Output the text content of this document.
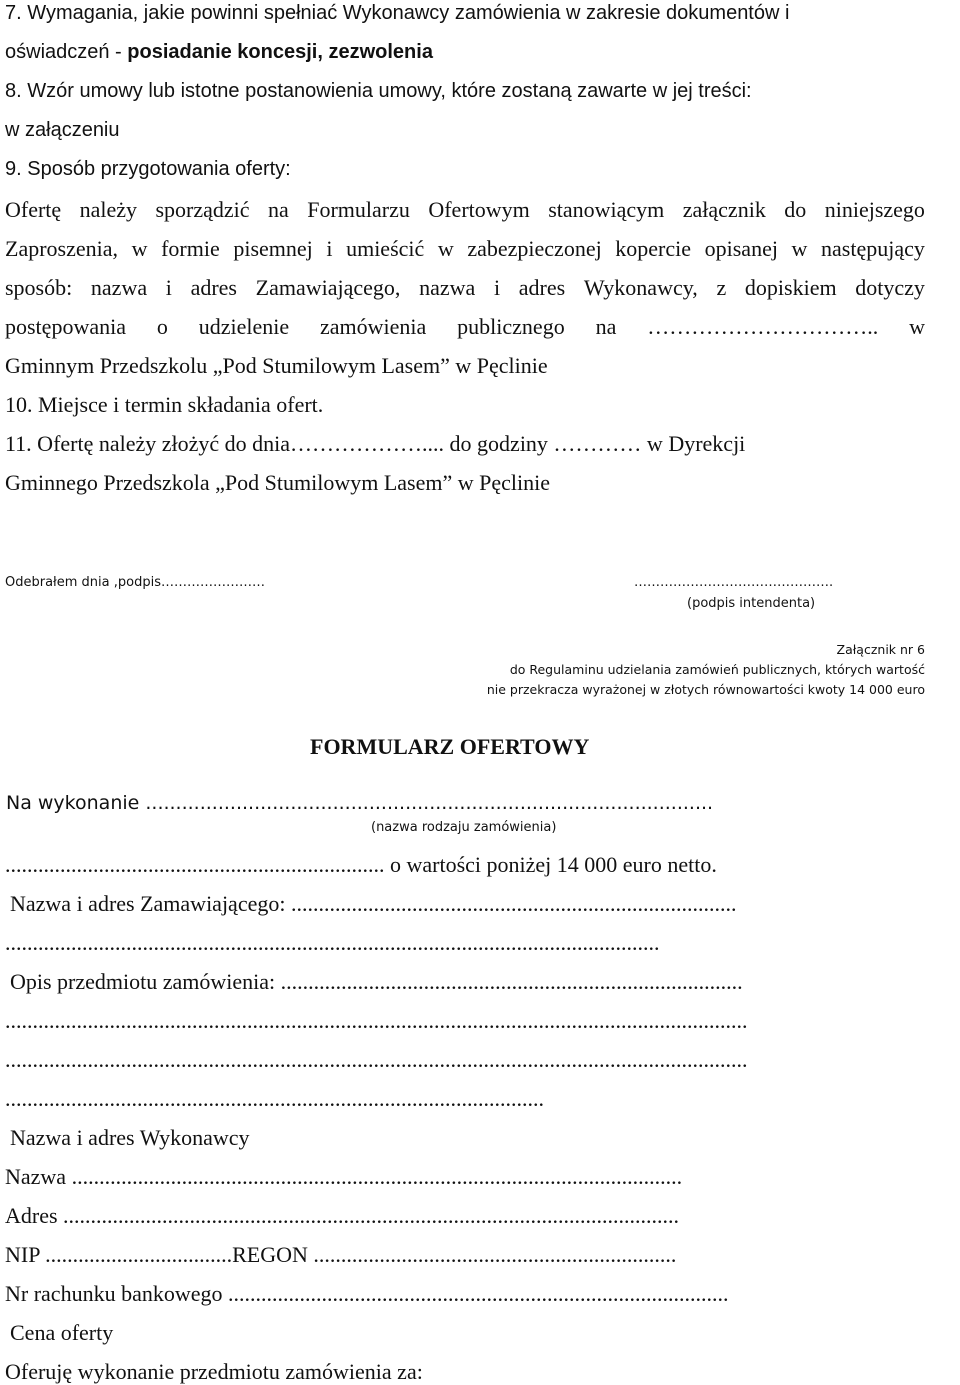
7. Wymagania, jakie powinni spełniać Wykonawcy zamówienia w zakresie dokumentów i
oświadczeń - posiadanie koncesji, zezwolenia
8. Wzór umowy lub istotne postanowienia umowy, które zostaną zawarte w jej treści:
w załączeniu
9. Sposób przygotowania oferty:
Ofertę należy sporządzić na Formularzu Ofertowym stanowiącym załącznik do niniejszego
Zaproszenia, w formie pisemnej i umieścić w zabezpieczonej kopercie opisanej w następujący
sposób: nazwa i adres Zamawiającego, nazwa i adres Wykonawcy, z dopiskiem dotyczy
postępowania o udzielenie zamówienia publicznego na ………………………….. w
Gminnym Przedszkolu „Pod Stumilowym Lasem” w Pęclinie
10. Miejsce i termin składania ofert.
11. Ofertę należy złożyć do dnia……………….... do godziny ………… w Dyrekcji
Gminnego Przedszkola „Pod Stumilowym Lasem” w Pęclinie
Odebrałem dnia ,podpis……………………	……………………………………….
(podpis intendenta)
Załącznik nr 6
do Regulaminu udzielania zamówień publicznych, których wartość
nie przekracza wyrażonej w złotych równowartości kwoty 14 000 euro
FORMULARZ OFERTOWY
Na wykonanie ..............................................................................................
(nazwa rodzaju zamówienia)
..................................................................... o wartości poniżej 14 000 euro netto.
Nazwa i adres Zamawiającego: .................................................................................
.......................................................................................................................
Opis przedmiotu zamówienia: ....................................................................................
.......................................................................................................................................
.......................................................................................................................................
..................................................................................................
Nazwa i adres Wykonawcy
Nazwa ...............................................................................................................
Adres ................................................................................................................
NIP ..................................REGON ..................................................................
Nr rachunku bankowego ...........................................................................................
Cena oferty
Oferuję wykonanie przedmiotu zamówienia za:
